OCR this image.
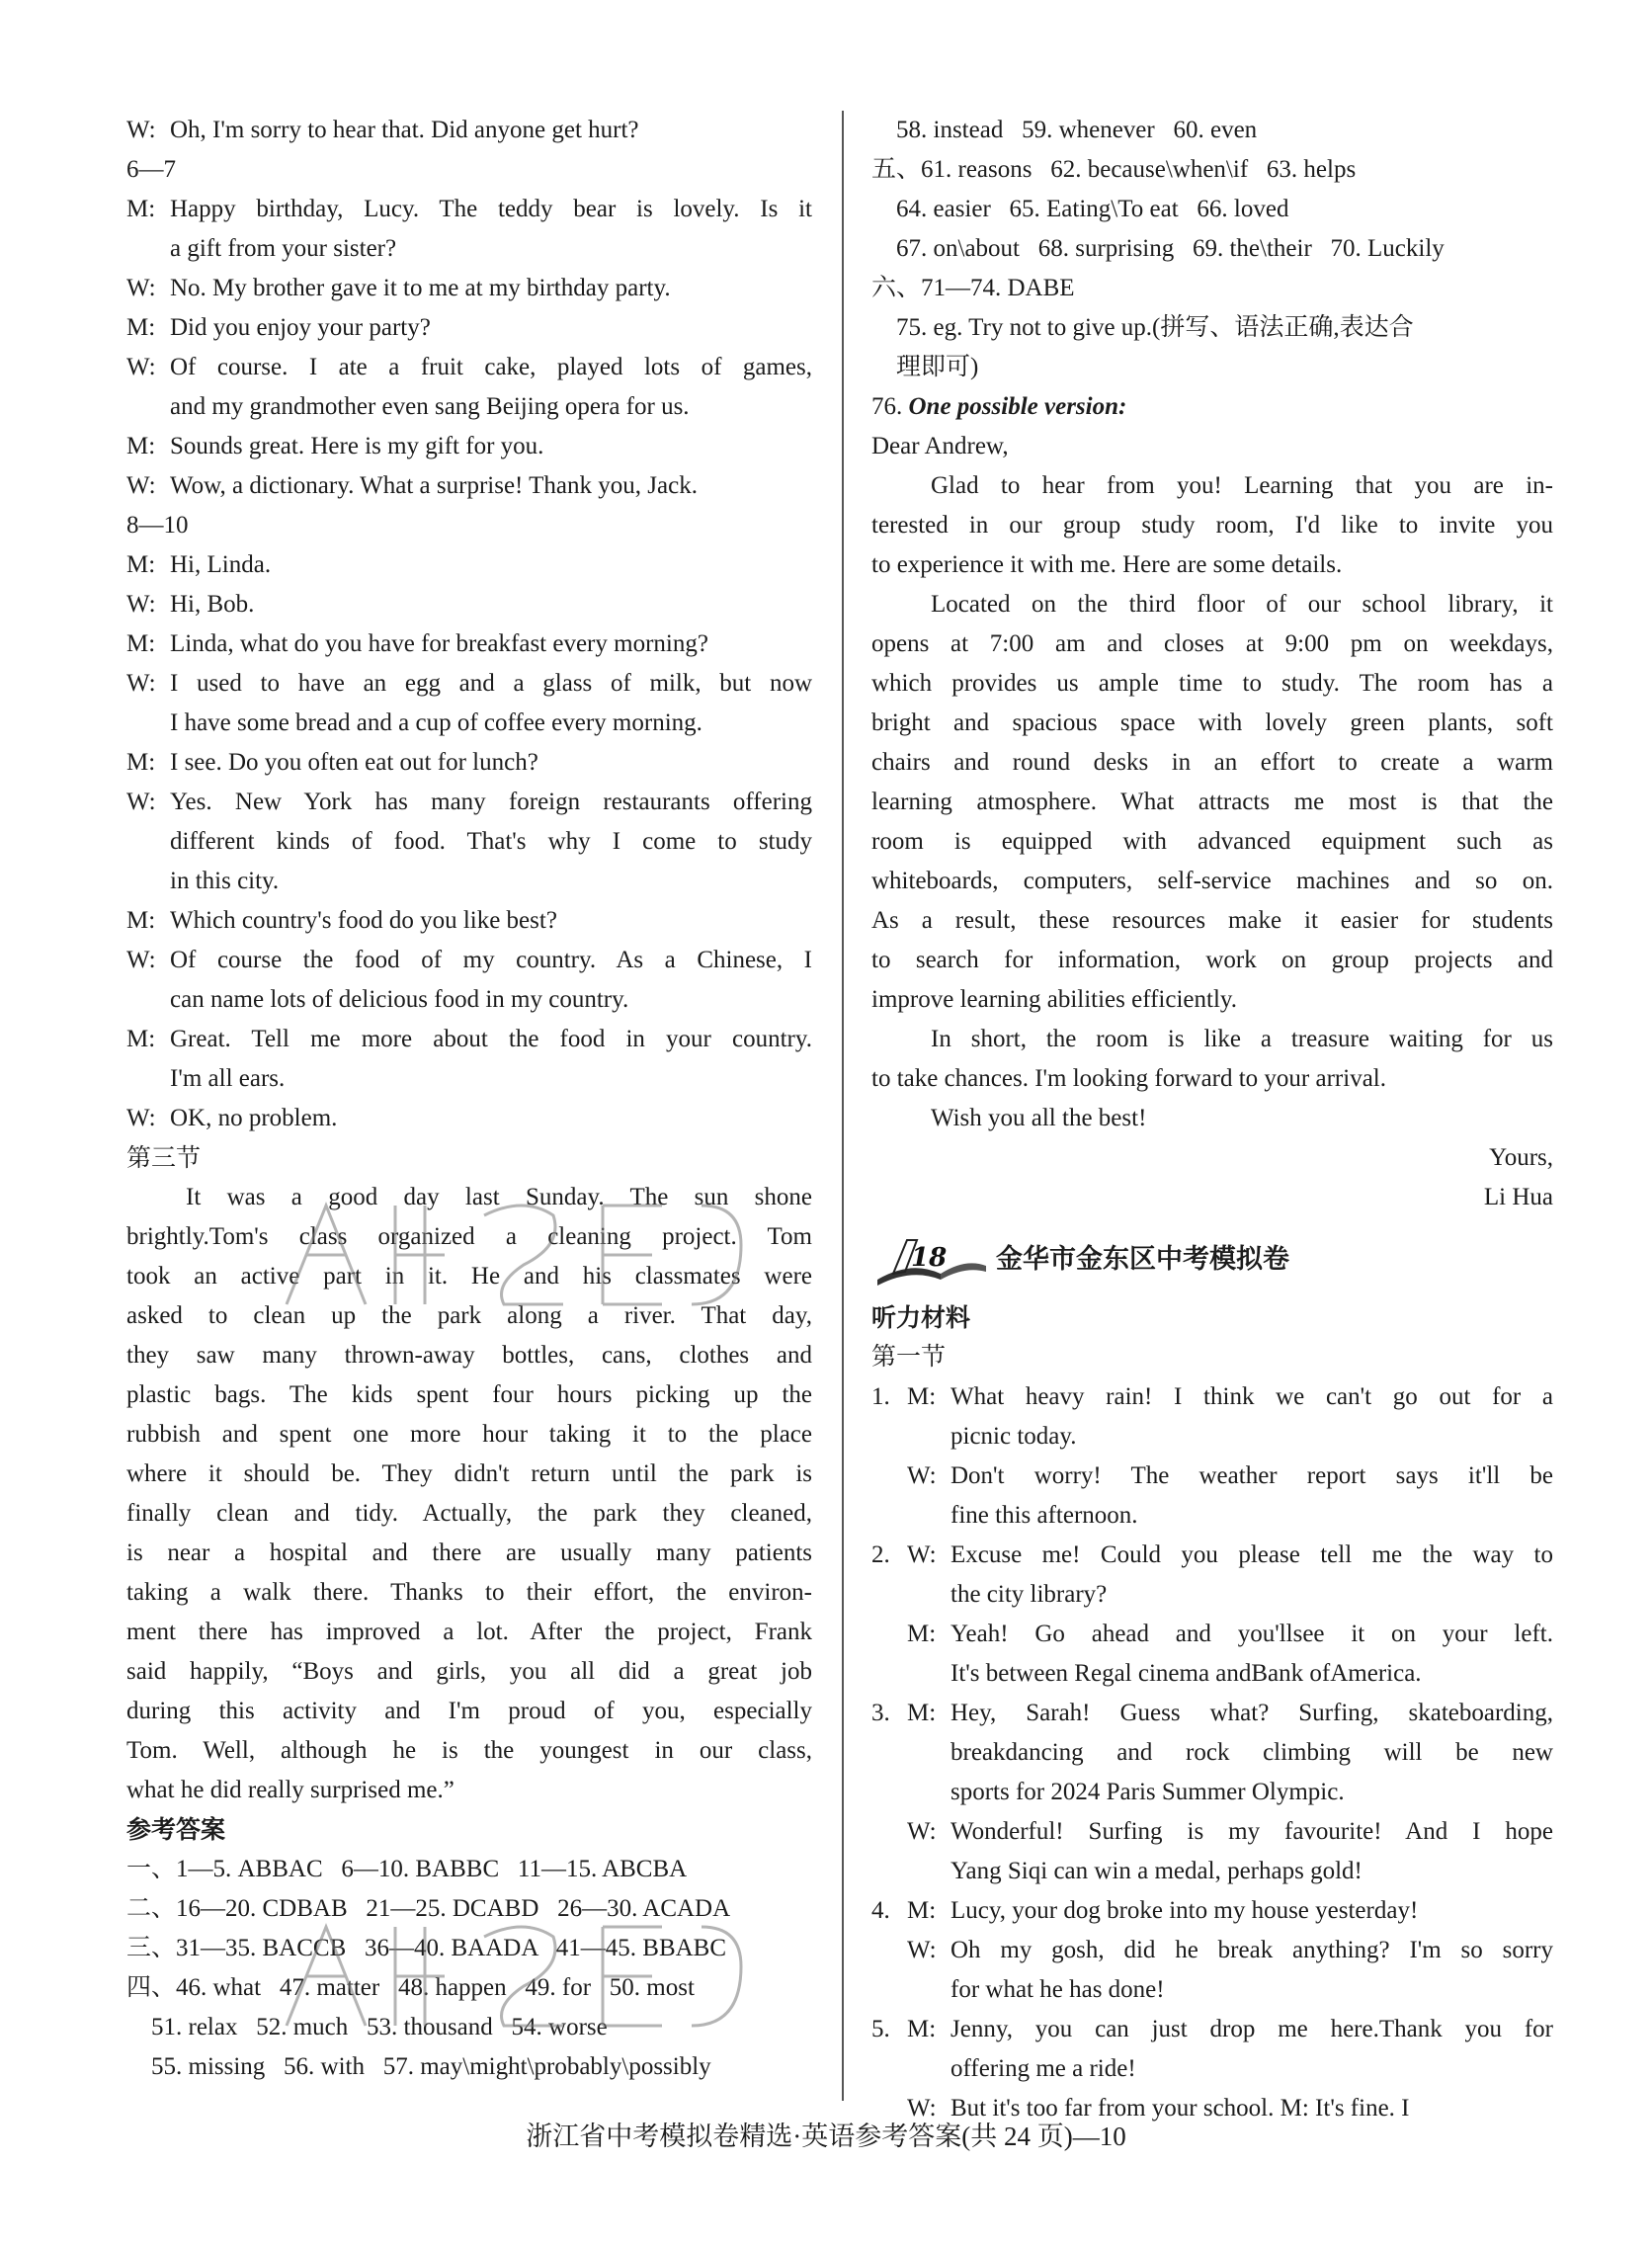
W: Oh, I'm sorry to hear that. Did anyone get hurt?
6—7
M: Happy birthday, Lucy. The teddy bear is lovely. Is it
a gift from your sister?
W: No. My brother gave it to me at my birthday party.
M: Did you enjoy your party?
W: Of course. I ate a fruit cake, played lots of games,
and my grandmother even sang Beijing opera for us.
M: Sounds great. Here is my gift for you.
W: Wow, a dictionary. What a surprise! Thank you, Jack.
8—10
M: Hi, Linda.
W: Hi, Bob.
M: Linda, what do you have for breakfast every morning?
W: I used to have an egg and a glass of milk, but now
I have some bread and a cup of coffee every morning.
M: I see. Do you often eat out for lunch?
W: Yes. New York has many foreign restaurants offering
different kinds of food. That's why I come to study
in this city.
M: Which country's food do you like best?
W: Of course the food of my country. As a Chinese, I
can name lots of delicious food in my country.
M: Great. Tell me more about the food in your country.
I'm all ears.
W: OK, no problem.
第三节
It was a good day last Sunday. The sun shone
brightly.Tom's class organized a cleaning project. Tom
took an active part in it. He and his classmates were
asked to clean up the park along a river. That day,
they saw many thrown-away bottles, cans, clothes and
plastic bags. The kids spent four hours picking up the
rubbish and spent one more hour taking it to the place
where it should be. They didn't return until the park is
finally clean and tidy. Actually, the park they cleaned,
is near a hospital and there are usually many patients
taking a walk there. Thanks to their effort, the environ-
ment there has improved a lot. After the project, Frank
said happily, “Boys and girls, you all did a great job
during this activity and I'm proud of you, especially
Tom. Well, although he is the youngest in our class,
what he did really surprised me.”
参考答案
一、1—5. ABBAC   6—10. BABBC   11—15. ABCBA
二、16—20. CDBAB   21—25. DCABD   26—30. ACADA
三、31—35. BACCB   36—40. BAADA   41—45. BBABC
四、46. what   47. matter   48. happen   49. for   50. most
51. relax   52. much   53. thousand   54. worse
55. missing   56. with   57. may\might\probably\possibly
58. instead   59. whenever   60. even
五、61. reasons   62. because\when\if   63. helps
64. easier   65. Eating\To eat   66. loved
67. on\about   68. surprising   69. the\their   70. Luckily
六、71—74. DABE
75. eg. Try not to give up.(拼写、语法正确,表达合
理即可)
76. One possible version:
Dear Andrew,
Glad to hear from you! Learning that you are in-
terested in our group study room, I'd like to invite you
to experience it with me. Here are some details.
Located on the third floor of our school library, it
opens at 7:00 am and closes at 9:00 pm on weekdays,
which provides us ample time to study. The room has a
bright and spacious space with lovely green plants, soft
chairs and round desks in an effort to create a warm
learning atmosphere. What attracts me most is that the
room is equipped with advanced equipment such as
whiteboards, computers, self-service machines and so on.
As a result, these resources make it easier for students
to search for information, work on group projects and
improve learning abilities efficiently.
In short, the room is like a treasure waiting for us
to take chances. I'm looking forward to your arrival.
Wish you all the best!
Yours,
Li Hua
18 金华市金东区中考模拟卷
听力材料
第一节
1. M: What heavy rain! I think we can't go out for a
picnic today.
W: Don't worry! The weather report says it'll be
fine this afternoon.
2. W: Excuse me! Could you please tell me the way to
the city library?
M: Yeah! Go ahead and you'llsee it on your left.
It's between Regal cinema andBank ofAmerica.
3. M: Hey, Sarah! Guess what? Surfing, skateboarding,
breakdancing and rock climbing will be new
sports for 2024 Paris Summer Olympic.
W: Wonderful! Surfing is my favourite! And I hope
Yang Siqi can win a medal, perhaps gold!
4. M: Lucy, your dog broke into my house yesterday!
W: Oh my gosh, did he break anything? I'm so sorry
for what he has done!
5. M: Jenny, you can just drop me here.Thank you for
offering me a ride!
W: But it's too far from your school. M: It's fine. I
浙江省中考模拟卷精选·英语参考答案(共 24 页)—10
